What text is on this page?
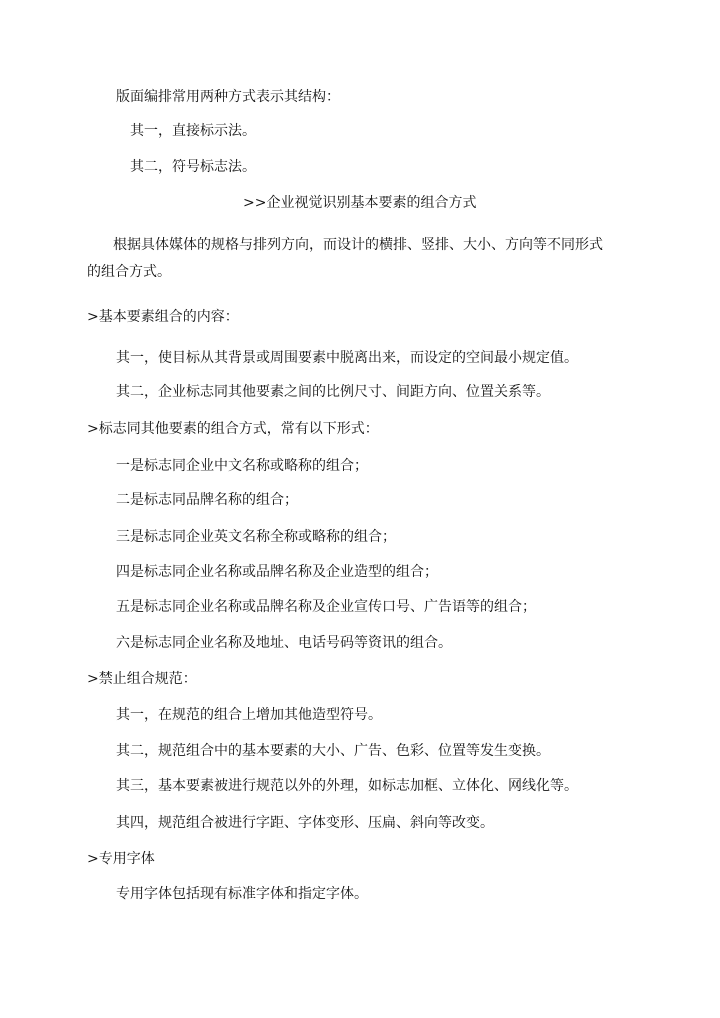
版面编排常用两种方式表示其结构：
其一，直接标示法。
其二，符号标志法。
>>企业视觉识别基本要素的组合方式
根据具体媒体的规格与排列方向，而设计的横排、竖排、大小、方向等不同形式
的组合方式。
>基本要素组合的内容：
其一，使目标从其背景或周围要素中脱离出来，而设定的空间最小规定值。
其二，企业标志同其他要素之间的比例尺寸、间距方向、位置关系等。
>标志同其他要素的组合方式，常有以下形式：
一是标志同企业中文名称或略称的组合；
二是标志同品牌名称的组合；
三是标志同企业英文名称全称或略称的组合；
四是标志同企业名称或品牌名称及企业造型的组合；
五是标志同企业名称或品牌名称及企业宣传口号、广告语等的组合；
六是标志同企业名称及地址、电话号码等资讯的组合。
>禁止组合规范：
其一，在规范的组合上增加其他造型符号。
其二，规范组合中的基本要素的大小、广告、色彩、位置等发生变换。
其三，基本要素被进行规范以外的外理，如标志加框、立体化、网线化等。
其四，规范组合被进行字距、字体变形、压扁、斜向等改变。
>专用字体
专用字体包括现有标准字体和指定字体。
